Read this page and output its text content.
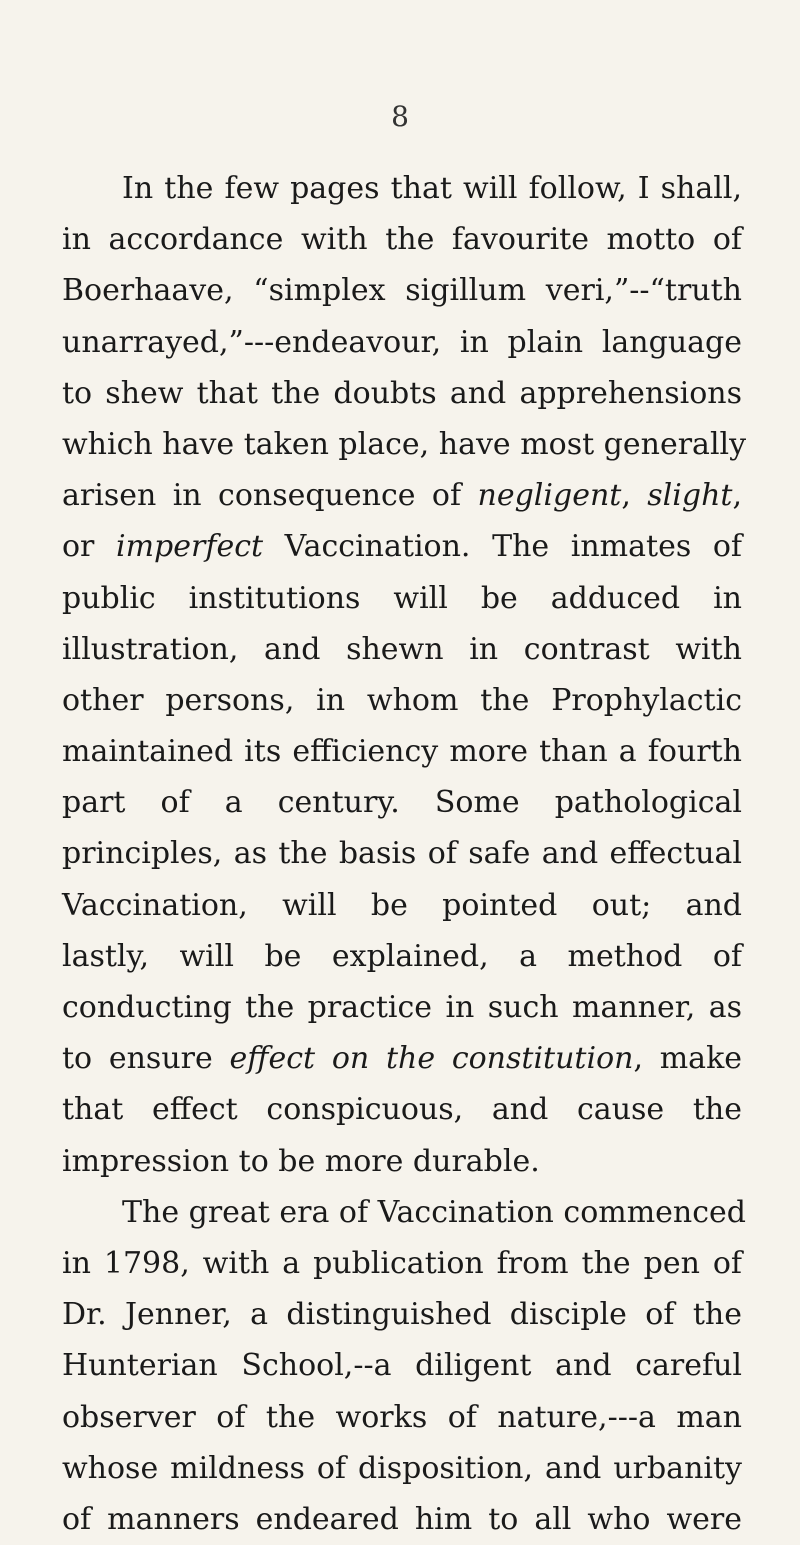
8
In the few pages that will follow, I shall,
in accordance with the favourite motto of
Boerhaave, “simplex sigillum veri,”--“truth
unarrayed,”---endeavour, in plain language
to shew that the doubts and apprehensions
which have taken place, have most generally
arisen in consequence of negligent, slight,
or imperfect Vaccination. The inmates of
public institutions will be adduced in
illustration, and shewn in contrast with
other persons, in whom the Prophylactic
maintained its efficiency more than a fourth
part of a century. Some pathological
principles, as the basis of safe and effectual
Vaccination, will be pointed out; and
lastly, will be explained, a method of
conducting the practice in such manner, as
to ensure effect on the constitution, make
that effect conspicuous, and cause the
impression to be more durable.
The great era of Vaccination commenced
in 1798, with a publication from the pen of
Dr. Jenner, a distinguished disciple of the
Hunterian School,--a diligent and careful
observer of the works of nature,---a man
whose mildness of disposition, and urbanity
of manners endeared him to all who were
